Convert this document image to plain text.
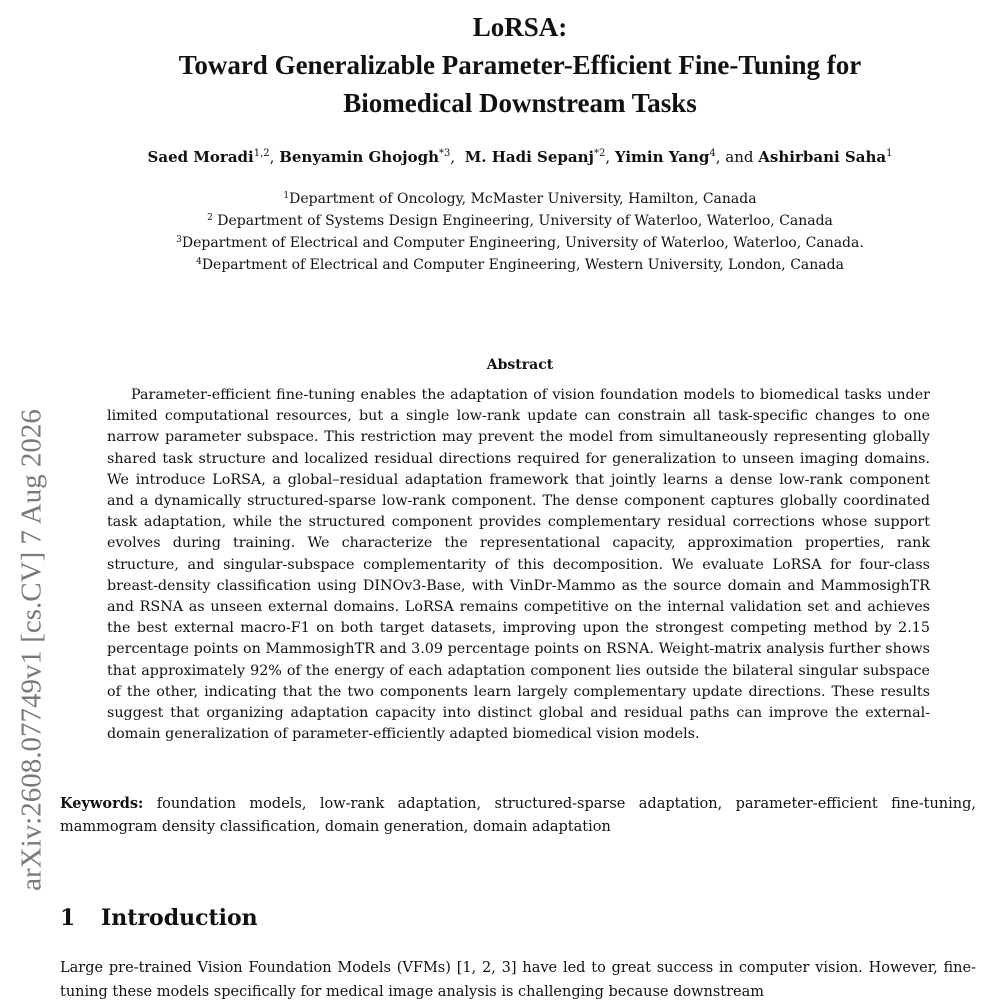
arXiv:2608.07749v1 [cs.CV] 7 Aug 2026
LoRSA:
Toward Generalizable Parameter-Efficient Fine-Tuning for
Biomedical Downstream Tasks
Saed Moradi$^{1,2}$, Benyamin Ghojogh$^{*3}$,  M. Hadi Sepanj$^{*2}$, Yimin Yang$^4$, and Ashirbani Saha$^1$
$^1$Department of Oncology, McMaster University, Hamilton, Canada
$^2$ Department of Systems Design Engineering, University of Waterloo, Waterloo, Canada
$^3$Department of Electrical and Computer Engineering, University of Waterloo, Waterloo, Canada.
$^4$Department of Electrical and Computer Engineering, Western University, London, Canada
Abstract

Parameter-efficient fine-tuning enables the adaptation of vision foundation models to biomedical tasks under limited computational resources, but a single low-rank update can constrain all task-specific changes to one narrow parameter subspace. This restriction may prevent the model from simultaneously representing globally shared task structure and localized residual directions required for generalization to unseen imaging domains. We introduce LoRSA, a global–residual adaptation framework that jointly learns a dense low-rank component and a dynamically structured-sparse low-rank component. The dense component captures globally coordinated task adaptation, while the structured component provides complementary residual corrections whose support evolves during training. We characterize the representational capacity, approximation properties, rank structure, and singular-subspace complementarity of this decomposition. We evaluate LoRSA for four-class breast-density classification using DINOv3-Base, with VinDr-Mammo as the source domain and MammosighTR and RSNA as unseen external domains. LoRSA remains competitive on the internal validation set and achieves the best external macro-F1 on both target datasets, improving upon the strongest competing method by 2.15 percentage points on MammosighTR and 3.09 percentage points on RSNA. Weight-matrix analysis further shows that approximately 92% of the energy of each adaptation component lies outside the bilateral singular subspace of the other, indicating that the two components learn largely complementary update directions. These results suggest that organizing adaptation capacity into distinct global and residual paths can improve the external-domain generalization of parameter-efficiently adapted biomedical vision models.

Keywords: foundation models, low-rank adaptation, structured-sparse adaptation, parameter-efficient fine-tuning, mammogram density classification, domain generation, domain adaptation

1 Introduction

Large pre-trained Vision Foundation Models (VFMs) [1, 2, 3] have led to great success in computer vision. However, fine-tuning these models specifically for medical image analysis is challenging because downstream
